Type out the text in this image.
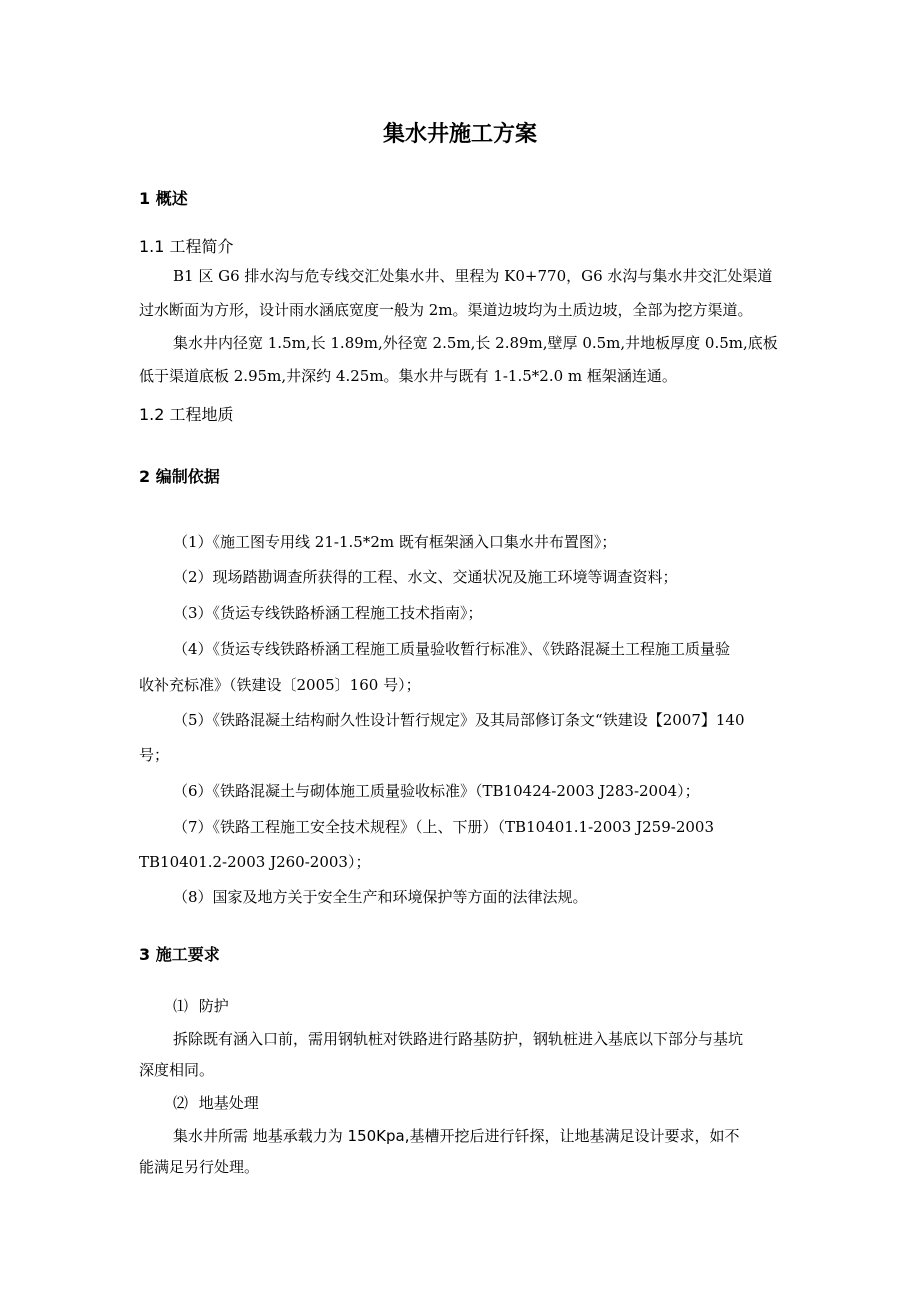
集水井施工方案
1 概述
1.1 工程简介
B1 区 G6 排水沟与危专线交汇处集水井、里程为 K0+770，G6 水沟与集水井交汇处渠道
过水断面为方形，设计雨水涵底宽度一般为 2m。渠道边坡均为土质边坡，全部为挖方渠道。
集水井内径宽 1.5m,长 1.89m,外径宽 2.5m,长 2.89m,壁厚 0.5m,井地板厚度 0.5m,底板
低于渠道底板 2.95m,井深约 4.25m。集水井与既有 1-1.5*2.0 m 框架涵连通。
1.2 工程地质
2 编制依据
（1）《施工图专用线 21-1.5*2m 既有框架涵入口集水井布置图》；
（2）现场踏勘调查所获得的工程、水文、交通状况及施工环境等调查资料；
（3）《货运专线铁路桥涵工程施工技术指南》；
（4）《货运专线铁路桥涵工程施工质量验收暂行标准》、《铁路混凝土工程施工质量验
收补充标准》（铁建设〔2005〕160 号）；
（5）《铁路混凝土结构耐久性设计暂行规定》及其局部修订条文“铁建设【2007】140
号；
（6）《铁路混凝土与砌体施工质量验收标准》（TB10424-2003 J283-2004）；
（7）《铁路工程施工安全技术规程》（上、下册）（TB10401.1-2003 J259-2003
TB10401.2-2003 J260-2003）；
（8）国家及地方关于安全生产和环境保护等方面的法律法规。
3 施工要求
⑴ 防护
拆除既有涵入口前，需用钢轨桩对铁路进行路基防护，钢轨桩进入基底以下部分与基坑
深度相同。
⑵ 地基处理
集水井所需 地基承载力为 150Kpa,基槽开挖后进行钎探，让地基满足设计要求，如不
能满足另行处理。
